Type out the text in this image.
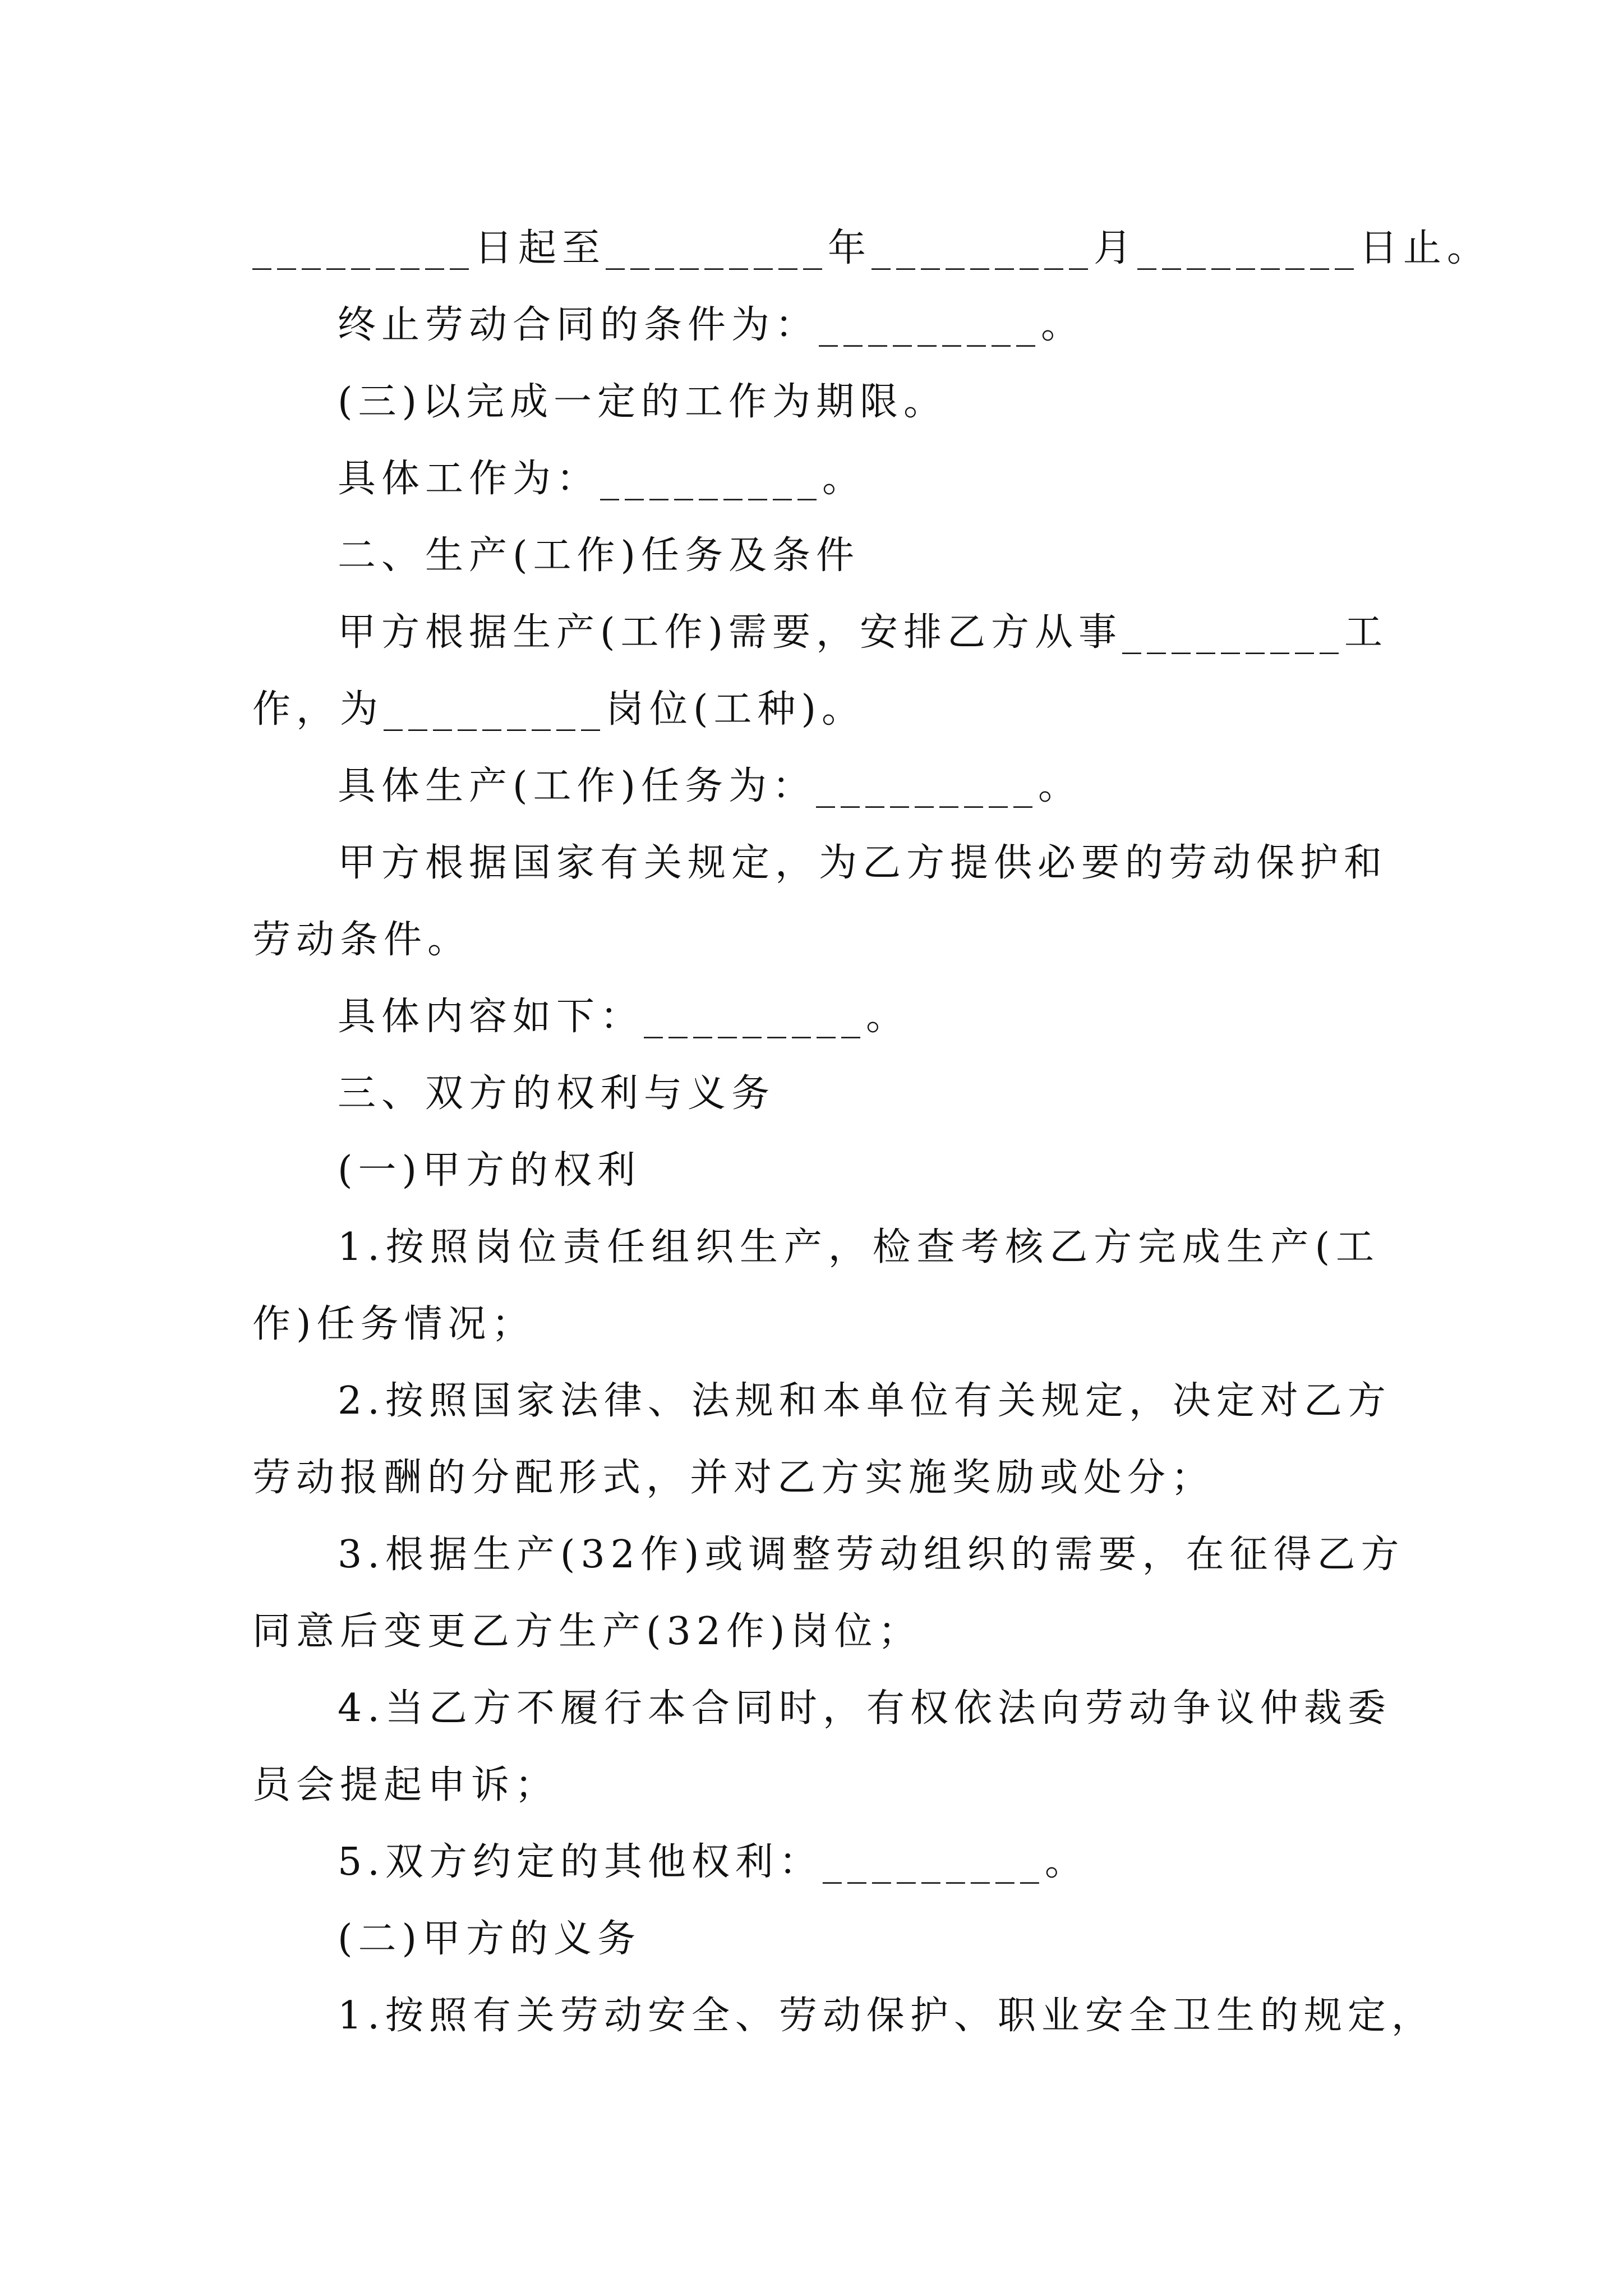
_________日起至_________年_________月_________日止。
终止劳动合同的条件为：_________。
(三)以完成一定的工作为期限。
具体工作为：_________。
二、生产(工作)任务及条件
甲方根据生产(工作)需要，安排乙方从事_________工
作，为_________岗位(工种)。
具体生产(工作)任务为：_________。
甲方根据国家有关规定，为乙方提供必要的劳动保护和
劳动条件。
具体内容如下：_________。
三、双方的权利与义务
(一)甲方的权利
1.按照岗位责任组织生产，检查考核乙方完成生产(工
作)任务情况；
2.按照国家法律、法规和本单位有关规定，决定对乙方
劳动报酬的分配形式，并对乙方实施奖励或处分；
3.根据生产(32作)或调整劳动组织的需要，在征得乙方
同意后变更乙方生产(32作)岗位；
4.当乙方不履行本合同时，有权依法向劳动争议仲裁委
员会提起申诉；
5.双方约定的其他权利：_________。
(二)甲方的义务
1.按照有关劳动安全、劳动保护、职业安全卫生的规定，
